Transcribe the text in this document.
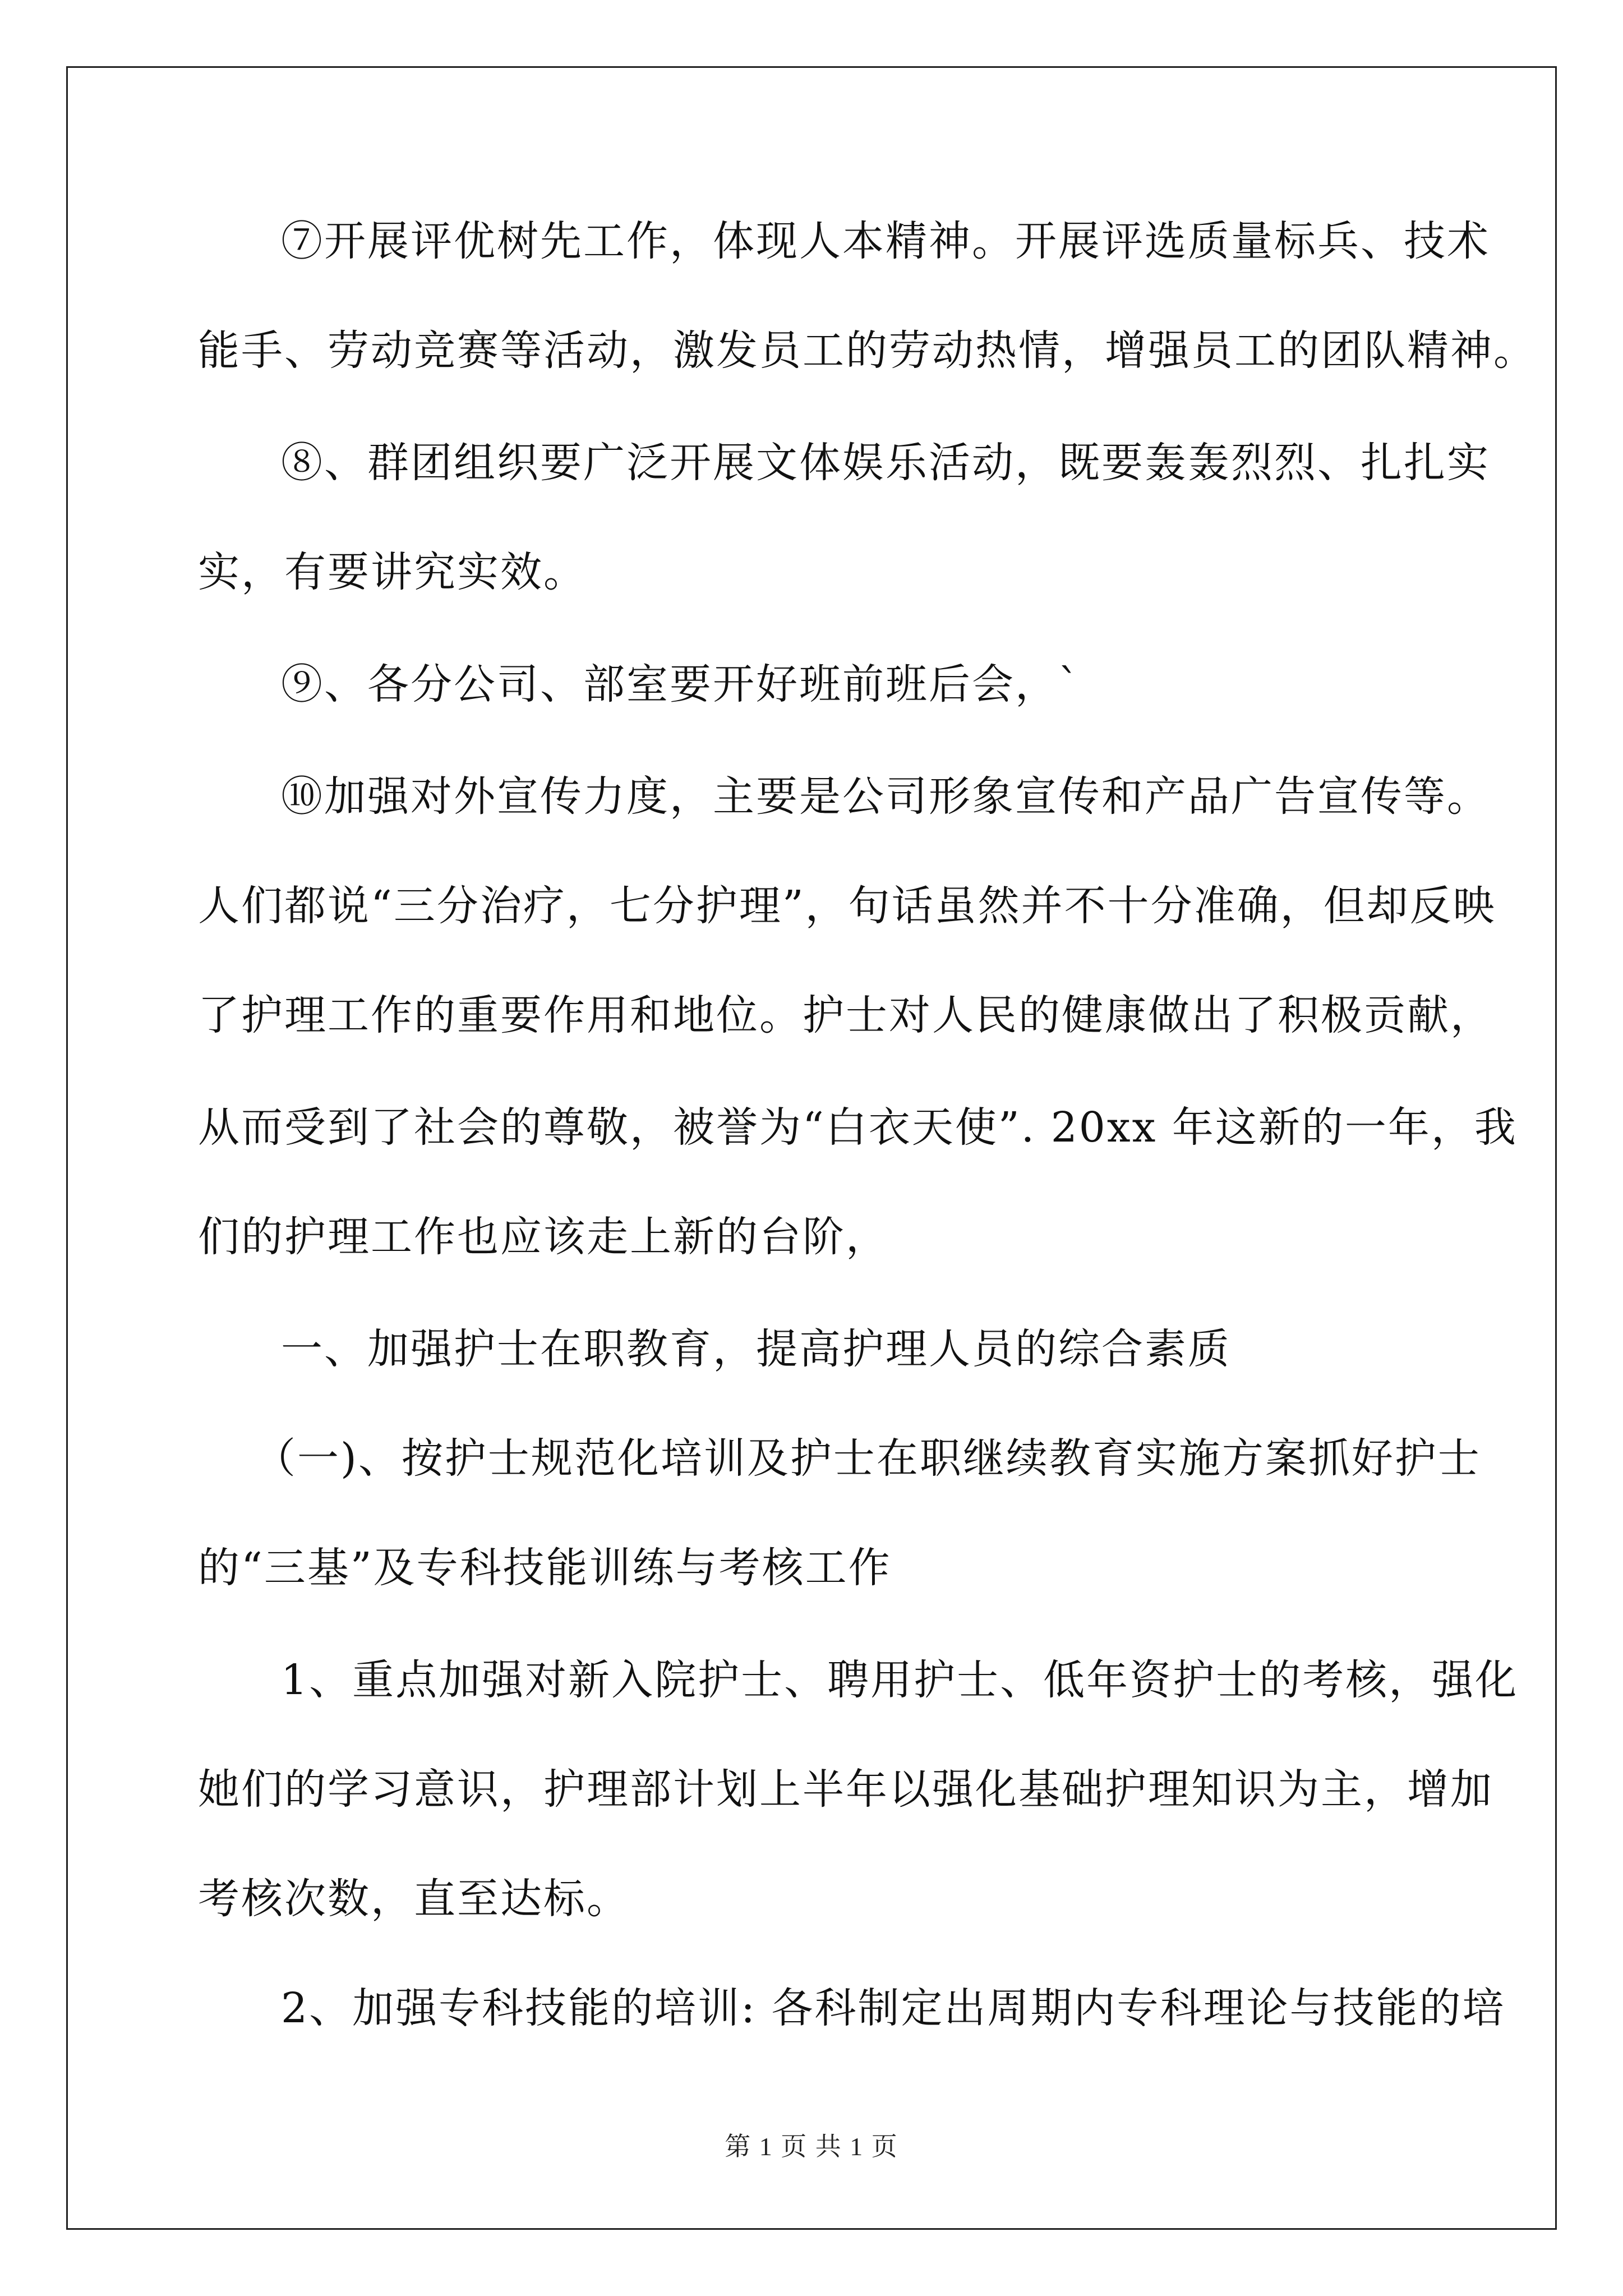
⑦开展评优树先工作，体现人本精神。开展评选质量标兵、技术
能手、劳动竞赛等活动，激发员工的劳动热情，增强员工的团队精神。
⑧、群团组织要广泛开展文体娱乐活动，既要轰轰烈烈、扎扎实
实，有要讲究实效。
⑨、各分公司、部室要开好班前班后会，`
⑩加强对外宣传力度，主要是公司形象宣传和产品广告宣传等。
人们都说“三分治疗，七分护理”，句话虽然并不十分准确，但却反映
了护理工作的重要作用和地位。护士对人民的健康做出了积极贡献，
从而受到了社会的尊敬，被誉为“白衣天使”. 20xx 年这新的一年，我
们的护理工作也应该走上新的台阶，
一、加强护士在职教育，提高护理人员的综合素质
（一)、按护士规范化培训及护士在职继续教育实施方案抓好护士
的“三基”及专科技能训练与考核工作
1、重点加强对新入院护士、聘用护士、低年资护士的考核，强化
她们的学习意识，护理部计划上半年以强化基础护理知识为主，增加
考核次数，直至达标。
2、加强专科技能的培训: 各科制定出周期内专科理论与技能的培
第 1 页 共 1 页
